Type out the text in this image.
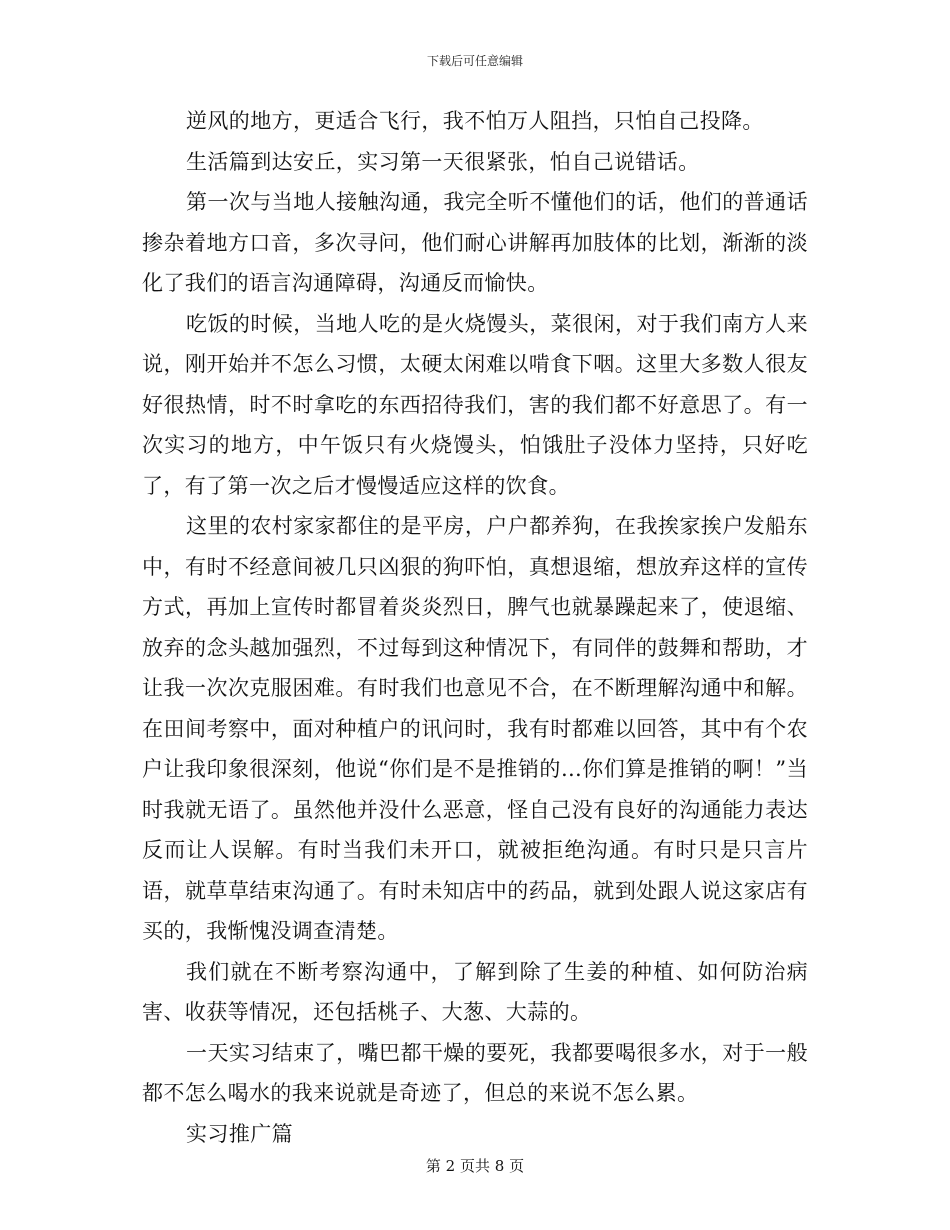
下载后可任意编辑

逆风的地方，更适合飞行，我不怕万人阻挡，只怕自己投降。

生活篇到达安丘，实习第一天很紧张，怕自己说错话。

第一次与当地人接触沟通，我完全听不懂他们的话，他们的普通话掺杂着地方口音，多次寻问，他们耐心讲解再加肢体的比划，渐渐的淡化了我们的语言沟通障碍，沟通反而愉快。

吃饭的时候，当地人吃的是火烧馒头，菜很闲，对于我们南方人来说，刚开始并不怎么习惯，太硬太闲难以啃食下咽。这里大多数人很友好很热情，时不时拿吃的东西招待我们，害的我们都不好意思了。有一次实习的地方，中午饭只有火烧馒头，怕饿肚子没体力坚持，只好吃了，有了第一次之后才慢慢适应这样的饮食。

这里的农村家家都住的是平房，户户都养狗，在我挨家挨户发船东中，有时不经意间被几只凶狠的狗吓怕，真想退缩，想放弃这样的宣传方式，再加上宣传时都冒着炎炎烈日，脾气也就暴躁起来了，使退缩、放弃的念头越加强烈，不过每到这种情况下，有同伴的鼓舞和帮助，才让我一次次克服困难。有时我们也意见不合，在不断理解沟通中和解。在田间考察中，面对种植户的讯问时，我有时都难以回答，其中有个农户让我印象很深刻，他说“你们是不是推销的…你们算是推销的啊！”当时我就无语了。虽然他并没什么恶意，怪自己没有良好的沟通能力表达反而让人误解。有时当我们未开口，就被拒绝沟通。有时只是只言片语，就草草结束沟通了。有时未知店中的药品，就到处跟人说这家店有买的，我惭愧没调查清楚。

我们就在不断考察沟通中，了解到除了生姜的种植、如何防治病害、收获等情况，还包括桃子、大葱、大蒜的。

一天实习结束了，嘴巴都干燥的要死，我都要喝很多水，对于一般都不怎么喝水的我来说就是奇迹了，但总的来说不怎么累。

实习推广篇

第 2 页共 8 页
